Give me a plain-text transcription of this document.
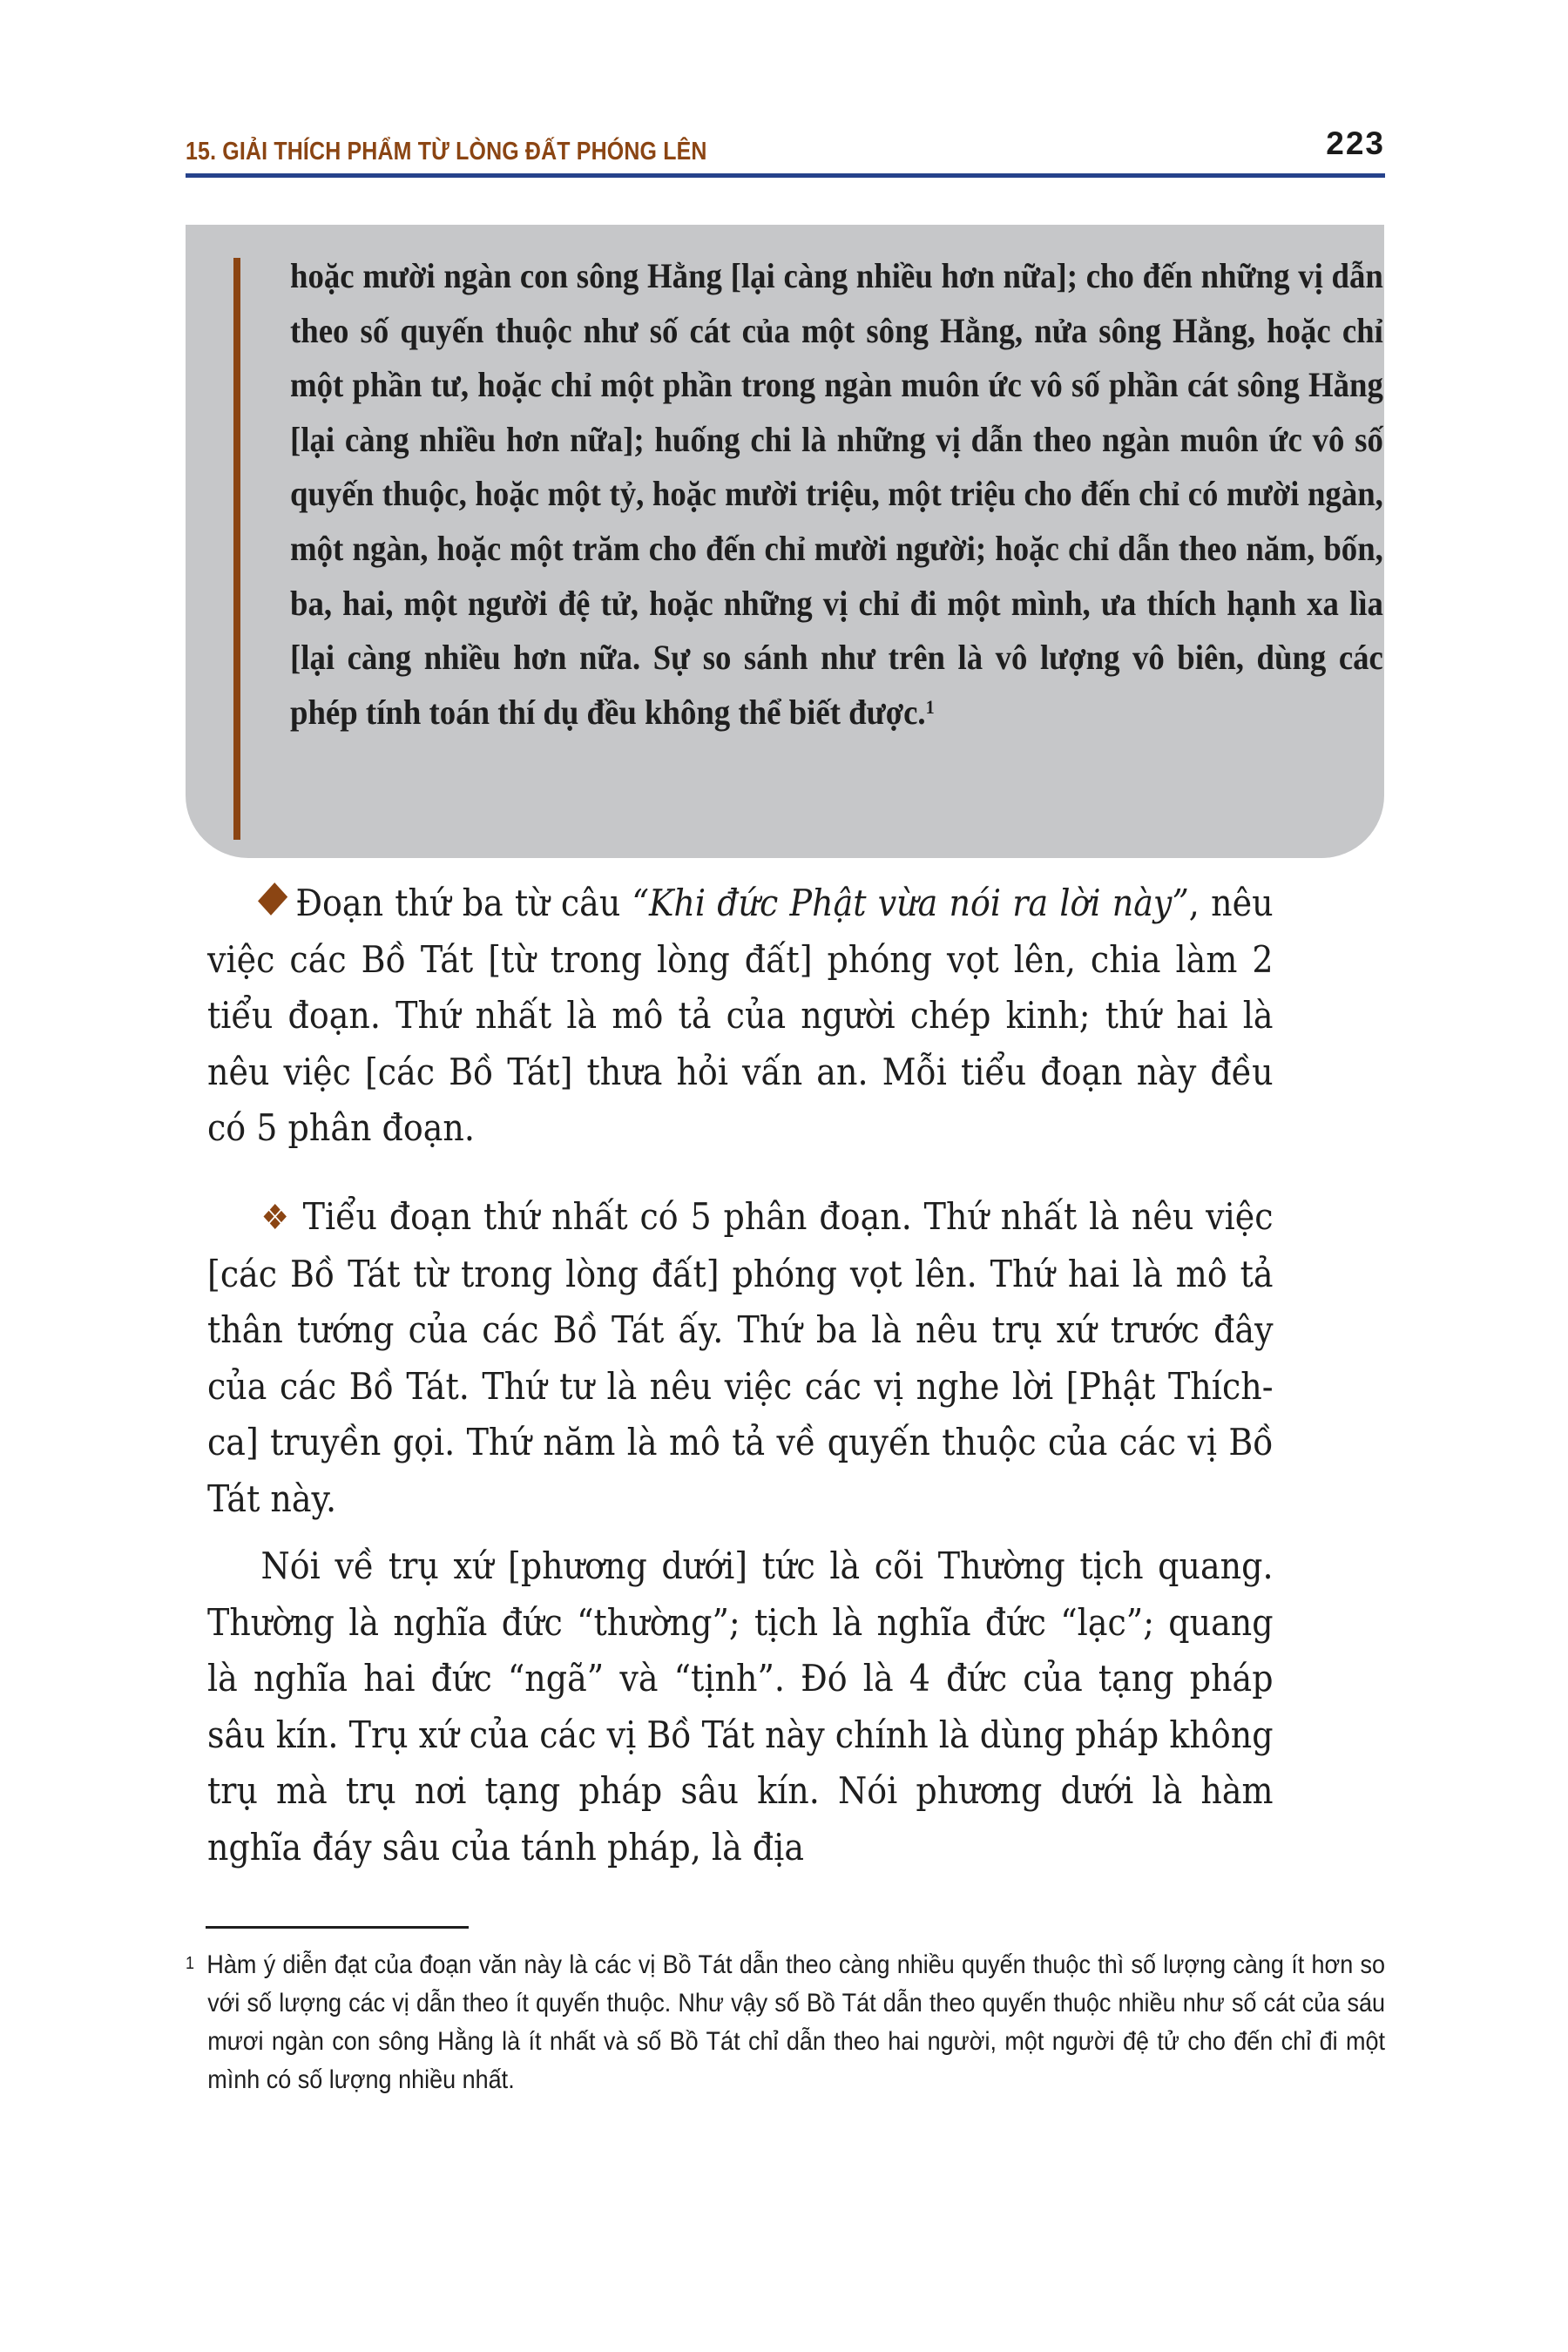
15. GIẢI THÍCH PHẨM TỪ LÒNG ĐẤT PHÓNG LÊN	223
hoặc mười ngàn con sông Hằng [lại càng nhiều hơn nữa]; cho đến những vị dẫn theo số quyến thuộc như số cát của một sông Hằng, nửa sông Hằng, hoặc chỉ một phần tư, hoặc chỉ một phần trong ngàn muôn ức vô số phần cát sông Hằng [lại càng nhiều hơn nữa]; huống chi là những vị dẫn theo ngàn muôn ức vô số quyến thuộc, hoặc một tỷ, hoặc mười triệu, một triệu cho đến chỉ có mười ngàn, một ngàn, hoặc một trăm cho đến chỉ mười người; hoặc chỉ dẫn theo năm, bốn, ba, hai, một người đệ tử, hoặc những vị chỉ đi một mình, ưa thích hạnh xa lìa [lại càng nhiều hơn nữa. Sự so sánh như trên là vô lượng vô biên, dùng các phép tính toán thí dụ đều không thể biết được.$^1$

Đoạn thứ ba từ câu “Khi đức Phật vừa nói ra lời này”, nêu việc các Bồ Tát [từ trong lòng đất] phóng vọt lên, chia làm 2 tiểu đoạn. Thứ nhất là mô tả của người chép kinh; thứ hai là nêu việc [các Bồ Tát] thưa hỏi vấn an. Mỗi tiểu đoạn này đều có 5 phân đoạn.

❖ Tiểu đoạn thứ nhất có 5 phân đoạn. Thứ nhất là nêu việc [các Bồ Tát từ trong lòng đất] phóng vọt lên. Thứ hai là mô tả thân tướng của các Bồ Tát ấy. Thứ ba là nêu trụ xứ trước đây của các Bồ Tát. Thứ tư là nêu việc các vị nghe lời [Phật Thích-ca] truyền gọi. Thứ năm là mô tả về quyến thuộc của các vị Bồ Tát này.

Nói về trụ xứ [phương dưới] tức là cõi Thường tịch quang. Thường là nghĩa đức “thường”; tịch là nghĩa đức “lạc”; quang là nghĩa hai đức “ngã” và “tịnh”. Đó là 4 đức của tạng pháp sâu kín. Trụ xứ của các vị Bồ Tát này chính là dùng pháp không trụ mà trụ nơi tạng pháp sâu kín. Nói phương dưới là hàm nghĩa đáy sâu của tánh pháp, là địa

$^1$ Hàm ý diễn đạt của đoạn văn này là các vị Bồ Tát dẫn theo càng nhiều quyến thuộc thì số lượng càng ít hơn so với số lượng các vị dẫn theo ít quyến thuộc. Như vậy số Bồ Tát dẫn theo quyến thuộc nhiều như số cát của sáu mươi ngàn con sông Hằng là ít nhất và số Bồ Tát chỉ dẫn theo hai người, một người đệ tử cho đến chỉ đi một mình có số lượng nhiều nhất.
